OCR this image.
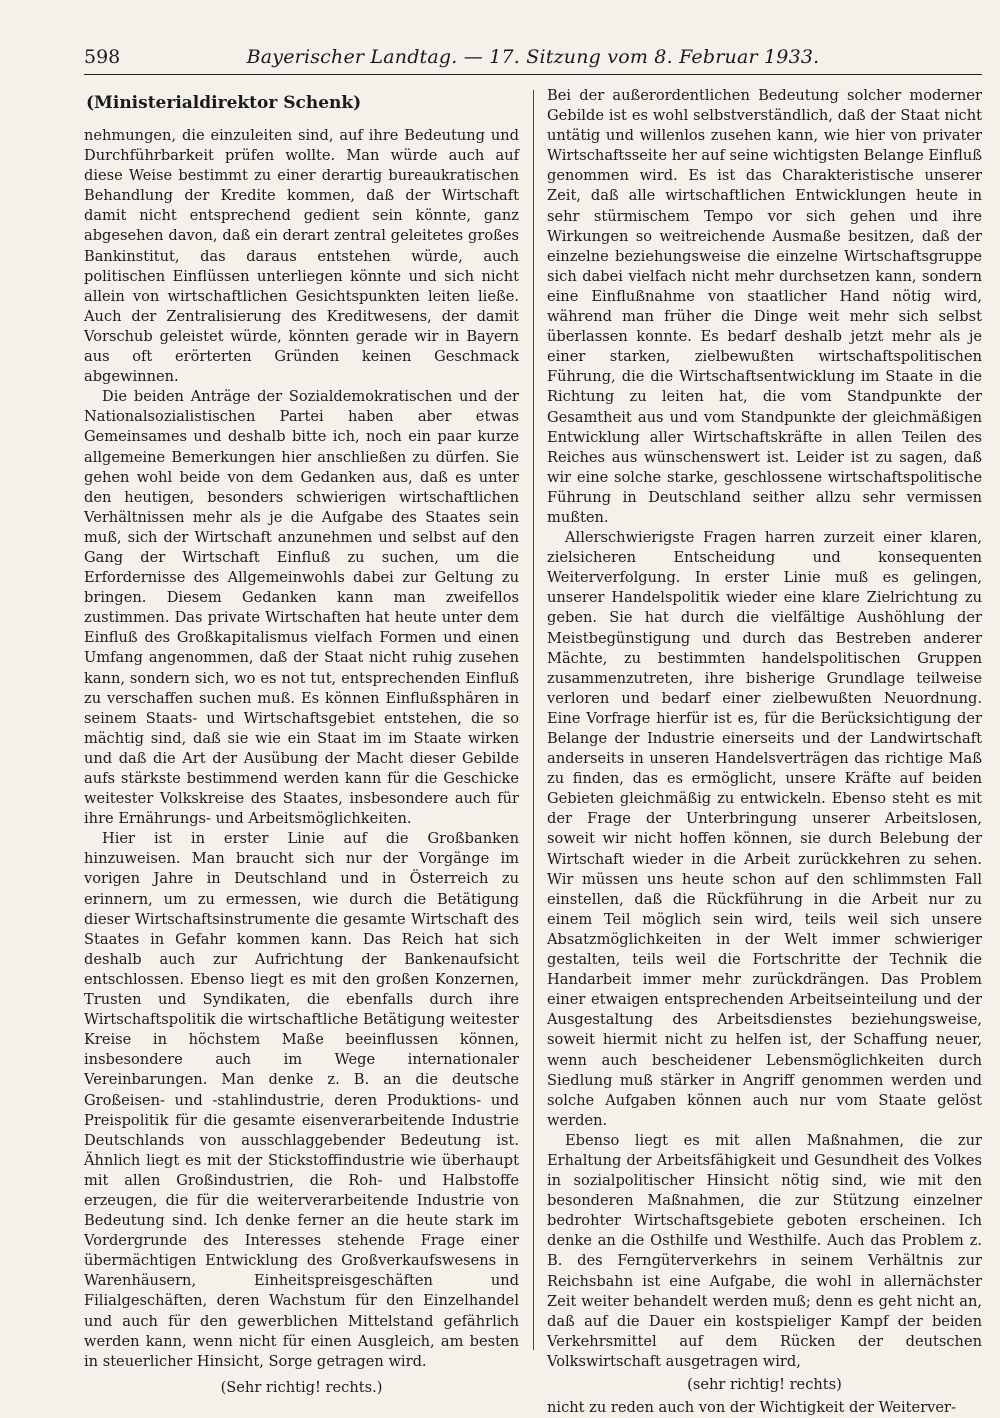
598	Bayerischer Landtag. — 17. Sitzung vom 8. Februar 1933.
(Ministerialdirektor Schenk)

nehmungen, die einzuleiten sind, auf ihre Bedeutung und Durchführbarkeit prüfen wollte. Man würde auch auf diese Weise bestimmt zu einer derartig bureaukratischen Behandlung der Kredite kommen, daß der Wirtschaft damit nicht entsprechend gedient sein könnte, ganz abgesehen davon, daß ein derart zentral geleitetes großes Bankinstitut, das daraus entstehen würde, auch politischen Einflüssen unterliegen könnte und sich nicht allein von wirtschaftlichen Gesichtspunkten leiten ließe. Auch der Zentralisierung des Kreditwesens, der damit Vorschub geleistet würde, könnten gerade wir in Bayern aus oft erörterten Gründen keinen Geschmack abgewinnen.

Die beiden Anträge der Sozialdemokratischen und der Nationalsozialistischen Partei haben aber etwas Gemeinsames und deshalb bitte ich, noch ein paar kurze allgemeine Bemerkungen hier anschließen zu dürfen. Sie gehen wohl beide von dem Gedanken aus, daß es unter den heutigen, besonders schwierigen wirtschaftlichen Verhältnissen mehr als je die Aufgabe des Staates sein muß, sich der Wirtschaft anzunehmen und selbst auf den Gang der Wirtschaft Einfluß zu suchen, um die Erfordernisse des Allgemeinwohls dabei zur Geltung zu bringen. Diesem Gedanken kann man zweifellos zustimmen. Das private Wirtschaften hat heute unter dem Einfluß des Großkapitalismus vielfach Formen und einen Umfang angenommen, daß der Staat nicht ruhig zusehen kann, sondern sich, wo es not tut, entsprechenden Einfluß zu verschaffen suchen muß. Es können Einflußsphären in seinem Staats- und Wirtschaftsgebiet entstehen, die so mächtig sind, daß sie wie ein Staat im im Staate wirken und daß die Art der Ausübung der Macht dieser Gebilde aufs stärkste bestimmend werden kann für die Geschicke weitester Volkskreise des Staates, insbesondere auch für ihre Ernährungs- und Arbeitsmöglichkeiten.

Hier ist in erster Linie auf die Großbanken hinzuweisen. Man braucht sich nur der Vorgänge im vorigen Jahre in Deutschland und in Österreich zu erinnern, um zu ermessen, wie durch die Betätigung dieser Wirtschaftsinstrumente die gesamte Wirtschaft des Staates in Gefahr kommen kann. Das Reich hat sich deshalb auch zur Aufrichtung der Bankenaufsicht entschlossen. Ebenso liegt es mit den großen Konzernen, Trusten und Syndikaten, die ebenfalls durch ihre Wirtschaftspolitik die wirtschaftliche Betätigung weitester Kreise in höchstem Maße beeinflussen können, insbesondere auch im Wege internationaler Vereinbarungen. Man denke z. B. an die deutsche Großeisen- und -stahlindustrie, deren Produktions- und Preispolitik für die gesamte eisenverarbeitende Industrie Deutschlands von ausschlaggebender Bedeutung ist. Ähnlich liegt es mit der Stickstoffindustrie wie überhaupt mit allen Großindustrien, die Roh- und Halbstoffe erzeugen, die für die weiterverarbeitende Industrie von Bedeutung sind. Ich denke ferner an die heute stark im Vordergrunde des Interesses stehende Frage einer übermächtigen Entwicklung des Großverkaufswesens in Warenhäusern, Einheitspreisgeschäften und Filialgeschäften, deren Wachstum für den Einzelhandel und auch für den gewerblichen Mittelstand gefährlich werden kann, wenn nicht für einen Ausgleich, am besten in steuerlicher Hinsicht, Sorge getragen wird.

(Sehr richtig! rechts.)

Bei der außerordentlichen Bedeutung solcher moderner Gebilde ist es wohl selbstverständlich, daß der Staat nicht untätig und willenlos zusehen kann, wie hier von privater Wirtschaftsseite her auf seine wichtigsten Belange Einfluß genommen wird. Es ist das Charakteristische unserer Zeit, daß alle wirtschaftlichen Entwicklungen heute in sehr stürmischem Tempo vor sich gehen und ihre Wirkungen so weitreichende Ausmaße besitzen, daß der einzelne beziehungsweise die einzelne Wirtschaftsgruppe sich dabei vielfach nicht mehr durchsetzen kann, sondern eine Einflußnahme von staatlicher Hand nötig wird, während man früher die Dinge weit mehr sich selbst überlassen konnte. Es bedarf deshalb jetzt mehr als je einer starken, zielbewußten wirtschaftspolitischen Führung, die die Wirtschaftsentwicklung im Staate in die Richtung zu leiten hat, die vom Standpunkte der Gesamtheit aus und vom Standpunkte der gleichmäßigen Entwicklung aller Wirtschaftskräfte in allen Teilen des Reiches aus wünschenswert ist. Leider ist zu sagen, daß wir eine solche starke, geschlossene wirtschaftspolitische Führung in Deutschland seither allzu sehr vermissen mußten.

Allerschwierigste Fragen harren zurzeit einer klaren, zielsicheren Entscheidung und konsequenten Weiterverfolgung. In erster Linie muß es gelingen, unserer Handelspolitik wieder eine klare Zielrichtung zu geben. Sie hat durch die vielfältige Aushöhlung der Meistbegünstigung und durch das Bestreben anderer Mächte, zu bestimmten handelspolitischen Gruppen zusammenzutreten, ihre bisherige Grundlage teilweise verloren und bedarf einer zielbewußten Neuordnung. Eine Vorfrage hierfür ist es, für die Berücksichtigung der Belange der Industrie einerseits und der Landwirtschaft anderseits in unseren Handelsverträgen das richtige Maß zu finden, das es ermöglicht, unsere Kräfte auf beiden Gebieten gleichmäßig zu entwickeln. Ebenso steht es mit der Frage der Unterbringung unserer Arbeitslosen, soweit wir nicht hoffen können, sie durch Belebung der Wirtschaft wieder in die Arbeit zurückkehren zu sehen. Wir müssen uns heute schon auf den schlimmsten Fall einstellen, daß die Rückführung in die Arbeit nur zu einem Teil möglich sein wird, teils weil sich unsere Absatzmöglichkeiten in der Welt immer schwieriger gestalten, teils weil die Fortschritte der Technik die Handarbeit immer mehr zurückdrängen. Das Problem einer etwaigen entsprechenden Arbeitseinteilung und der Ausgestaltung des Arbeitsdienstes beziehungsweise, soweit hiermit nicht zu helfen ist, der Schaffung neuer, wenn auch bescheidener Lebensmöglichkeiten durch Siedlung muß stärker in Angriff genommen werden und solche Aufgaben können auch nur vom Staate gelöst werden.

Ebenso liegt es mit allen Maßnahmen, die zur Erhaltung der Arbeitsfähigkeit und Gesundheit des Volkes in sozialpolitischer Hinsicht nötig sind, wie mit den besonderen Maßnahmen, die zur Stützung einzelner bedrohter Wirtschaftsgebiete geboten erscheinen. Ich denke an die Osthilfe und Westhilfe. Auch das Problem z. B. des Ferngüterverkehrs in seinem Verhältnis zur Reichsbahn ist eine Aufgabe, die wohl in allernächster Zeit weiter behandelt werden muß; denn es geht nicht an, daß auf die Dauer ein kostspieliger Kampf der beiden Verkehrsmittel auf dem Rücken der deutschen Volkswirtschaft ausgetragen wird,

(sehr richtig! rechts)

nicht zu reden auch von der Wichtigkeit der Weiterver-
